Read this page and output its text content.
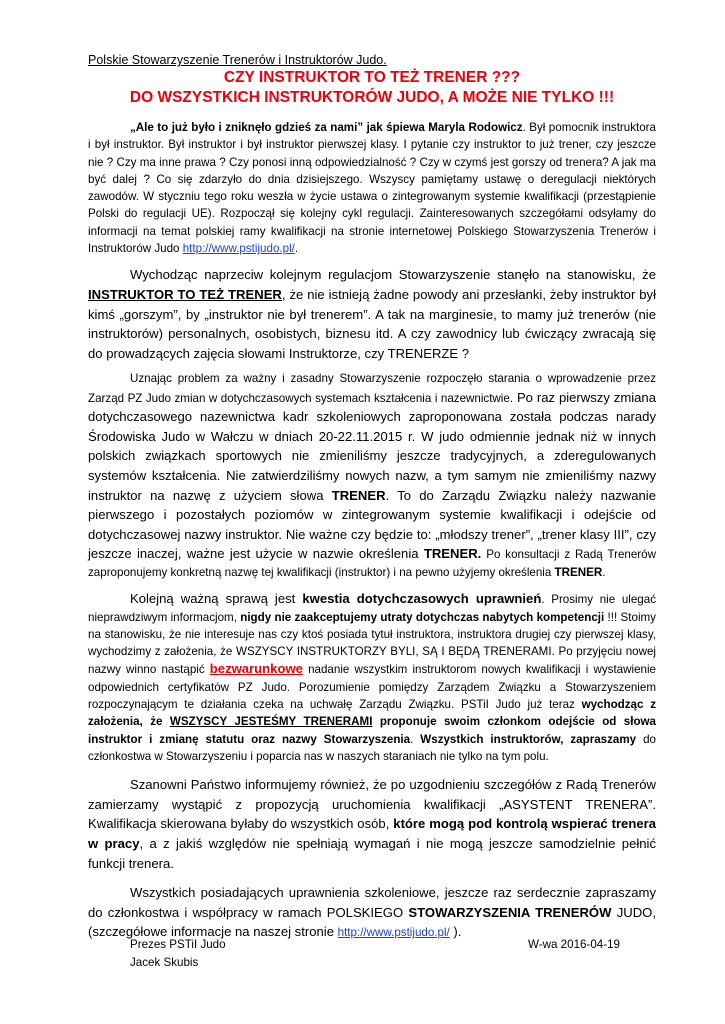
Polskie Stowarzyszenie Trenerów i Instruktorów Judo.

CZY INSTRUKTOR TO TEŻ TRENER ???

DO WSZYSTKICH INSTRUKTORÓW JUDO, A MOŻE NIE TYLKO !!!

„Ale to już było i zniknęło gdzieś za nami” jak śpiewa Maryla Rodowicz. Był pomocnik instruktora i był instruktor. Był instruktor i był instruktor pierwszej klasy. I pytanie czy instruktor to już trener, czy jeszcze nie ? Czy ma inne prawa ? Czy ponosi inną odpowiedzialność ? Czy w czymś jest gorszy od trenera? A jak ma być dalej ? Co się zdarzyło do dnia dzisiejszego. Wszyscy pamiętamy ustawę o deregulacji niektórych zawodów. W styczniu tego roku weszła w życie ustawa o zintegrowanym systemie kwalifikacji (przestąpienie Polski do regulacji UE). Rozpoczął się kolejny cykl regulacji. Zainteresowanych szczegółami odsyłamy do informacji na temat polskiej ramy kwalifikacji na stronie internetowej Polskiego Stowarzyszenia Trenerów i Instruktorów Judo http://www.pstijudo.pl/.

Wychodząc naprzeciw kolejnym regulacjom Stowarzyszenie stanęło na stanowisku, że INSTRUKTOR TO TEŻ TRENER, że nie istnieją żadne powody ani przesłanki, żeby instruktor był kimś „gorszym”, by „instruktor nie był trenerem”. A tak na marginesie, to mamy już trenerów (nie instruktorów) personalnych, osobistych, biznesu itd. A czy zawodnicy lub ćwiczący zwracają się do prowadzących zajęcia słowami Instruktorze, czy TRENERZE ?

Uznając problem za ważny i zasadny Stowarzyszenie rozpoczęło starania o wprowadzenie przez Zarząd PZ Judo zmian w dotychczasowych systemach kształcenia i nazewnictwie. Po raz pierwszy zmiana dotychczasowego nazewnictwa kadr szkoleniowych zaproponowana została podczas narady Środowiska Judo w Wałczu w dniach 20-22.11.2015 r. W judo odmiennie jednak niż w innych polskich związkach sportowych nie zmieniliśmy jeszcze tradycyjnych, a zderegulowanych systemów kształcenia. Nie zatwierdziliśmy nowych nazw, a tym samym nie zmieniliśmy nazwy instruktor na nazwę z użyciem słowa TRENER. To do Zarządu Związku należy nazwanie pierwszego i pozostałych poziomów w zintegrowanym systemie kwalifikacji i odejście od dotychczasowej nazwy instruktor. Nie ważne czy będzie to: „młodszy trener”, „trener klasy III”, czy jeszcze inaczej, ważne jest użycie w nazwie określenia TRENER. Po konsultacji z Radą Trenerów zaproponujemy konkretną nazwę tej kwalifikacji (instruktor) i na pewno użyjemy określenia TRENER.

Kolejną ważną sprawą jest kwestia dotychczasowych uprawnień. Prosimy nie ulegać nieprawdziwym informacjom, nigdy nie zaakceptujemy utraty dotychczas nabytych kompetencji !!! Stoimy na stanowisku, że nie interesuje nas czy ktoś posiada tytuł instruktora, instruktora drugiej czy pierwszej klasy, wychodzimy z założenia, że WSZYSCY INSTRUKTORZY BYLI, SĄ I BĘDĄ TRENERAMI. Po przyjęciu nowej nazwy winno nastąpić bezwarunkowe nadanie wszystkim instruktorom nowych kwalifikacji i wystawienie odpowiednich certyfikatów PZ Judo. Porozumienie pomiędzy Zarządem Związku a Stowarzyszeniem rozpoczynającym te działania czeka na uchwałę Zarządu Związku. PSTiI Judo już teraz wychodząc z założenia, że WSZYSCY JESTEŚMY TRENERAMI proponuje swoim członkom odejście od słowa instruktor i zmianę statutu oraz nazwy Stowarzyszenia. Wszystkich instruktorów, zapraszamy do członkostwa w Stowarzyszeniu i poparcia nas w naszych staraniach nie tylko na tym polu.

Szanowni Państwo informujemy również, że po uzgodnieniu szczegółów z Radą Trenerów zamierzamy wystąpić z propozycją uruchomienia kwalifikacji „ASYSTENT TRENERA”. Kwalifikacja skierowana byłaby do wszystkich osób, które mogą pod kontrolą wspierać trenera w pracy, a z jakiś względów nie spełniają wymagań i nie mogą jeszcze samodzielnie pełnić funkcji trenera.

Wszystkich posiadających uprawnienia szkoleniowe, jeszcze raz serdecznie zapraszamy do członkostwa i współpracy w ramach POLSKIEGO STOWARZYSZENIA TRENERÓW JUDO, (szczegółowe informacje na naszej stronie http://www.pstijudo.pl/ ).

Prezes PSTiI Judo	W-wa 2016-04-19
Jacek Skubis
